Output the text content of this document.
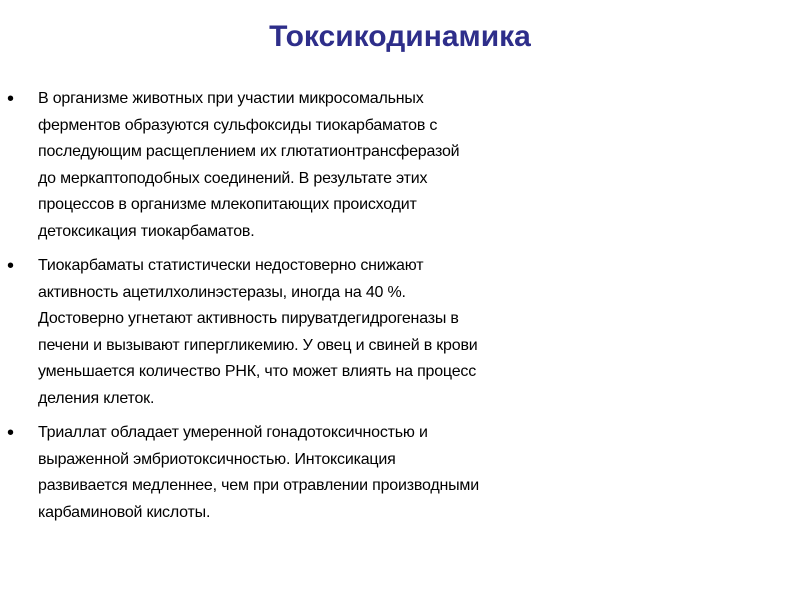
Токсикодинамика
• В организме животных при участии микросомальных
ферментов образуются сульфоксиды тиокарбаматов с
последующим расщеплением их глютатионтрансферазой
до меркаптоподобных соединений. В результате этих
процессов в организме млекопитающих происходит
детоксикация тиокарбаматов.
• Тиокарбаматы статистически недостоверно снижают
активность ацетилхолинэстеразы, иногда на 40 %.
Достоверно угнетают активность пируватдегидрогеназы в
печени и вызывают гипергликемию. У овец и свиней в крови
уменьшается количество РНК, что может влиять на процесс
деления клеток.
• Триаллат обладает умеренной гонадотоксичностью и
выраженной эмбриотоксичностью. Интоксикация
развивается медленнее, чем при отравлении производными
карбаминовой кислоты.
